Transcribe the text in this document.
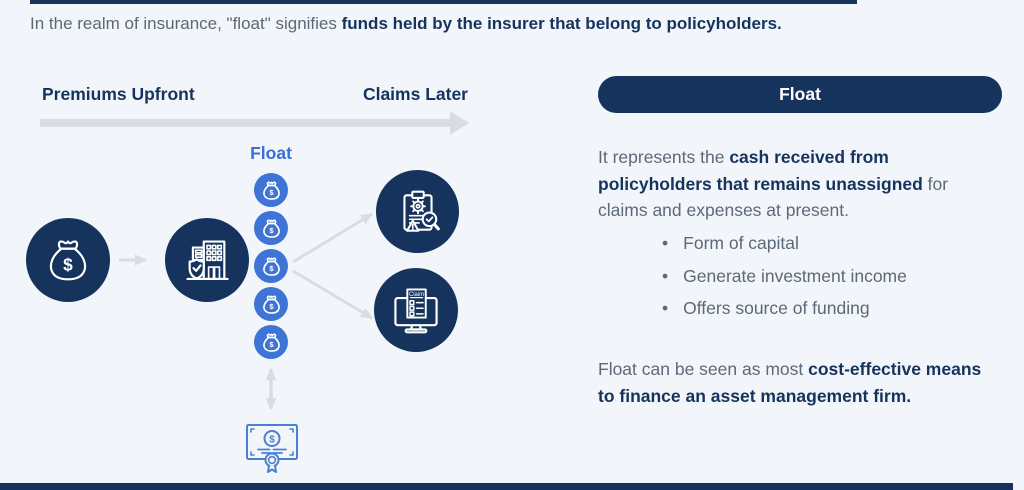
In the realm of insurance, "float" signifies funds held by the insurer that belong to policyholders.
Premiums Upfront	Claims Later
Float
Claim
$
Float

It represents the cash received from policyholders that remains unassigned for claims and expenses at present.

• Form of capital
• Generate investment income
• Offers source of funding

Float can be seen as most cost-effective means to finance an asset management firm.
